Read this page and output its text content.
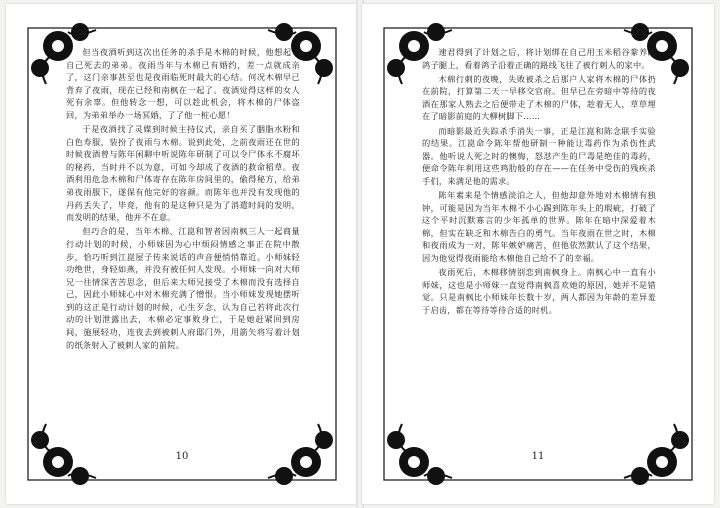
但当夜酒听到这次出任务的杀手是木棉的时候，他想起了自己死去的弟弟。夜雨当年与木棉已有婚约，差一点就成亲了，这门亲事甚至也是夜雨临死时最大的心结。何况木棉早已背弃了夜雨，现在已经和南枫在一起了。夜酒觉得这样的女人死有余辜。但他转念一想，可以趁此机会，将木棉的尸体盗回，为弟弟举办一场冥婚，了了他一桩心愿！

于是夜酒找了灵媒到时候主持仪式，亲自买了胭脂水粉和白色寿服，装扮了夜雨与木棉。说到此处，之前夜雨还在世的时候夜酒曾与陈年闲聊中听说陈年研制了可以令尸体永不腐坏的秘药，当时并不以为意，可如今却成了夜酒的救命稻草。夜酒利用危急木棉和尸体寄存在陈年房间里的，偷得秘方，给弟弟夜雨服下，遂保有他完好的容颜。而陈年也并没有发现他的丹药丢失了，毕竟，他有的是这种只是为了消遣时间的发明，而发明的结果，他并不在意。

但巧合的是，当年木棉、江崑和智者因南枫三人一起商量行动计划的时候，小师妹因为心中烦闷情感之事正在院中散步，恰巧听到江崑屋子传来说话的声音便悄悄靠近。小师妹轻功绝世，身轻如燕，并没有被任何人发现。小师妹一向对大师兄一往情深苦苦思念，但后来大师兄接受了木棉而没有选择自己，因此小师妹心中对木棉充满了憎恨。当小师妹发现她摆听到的这正是行动计划的时候，心生歹念，认为自己若将此次行动的计划泄露出去，木棉必定事败身亡，于是她赶紧回到房间，施展轻功，连夜去到被刺人府邸门外，用箭矢将写着计划的纸条射入了被刺人家的前院。

10

速君得到了计划之后，将计划绑在自己用玉米稻谷豢养的鸽子腿上，看着鸽子沿着正确的路线飞往了被行刺人的家中。

木棉行刺的夜晚，失败被杀之后那户人家将木棉的尸体扔在前院，打算第二天一早移交官府。但早已在旁暗中等待的夜酒在那家人熟去之后便带走了木棉的尸体，趁着无人，草草埋在了暗影前庭的大柳树脚下……

而暗影最近失踪杀手消失一事，正是江崑和陈念联手实验的结果。江崑命令陈年帮他研制一种能让毒药作为杀伤性武器。他听说人死之时的懊悔，怒怼产生的尸毒是绝佳的毒药，便命令陈年利用这些鸡肋般的存在——在任务中受伤的残疾杀手们，来满足他的需求。

陈年素来是个情感淡泊之人，但他却意外地对木棉情有独钟，可能是因为当年木棉不小心踢到陈年头上的瑕疵，打破了这个平时沉默寡言的少年孤单的世界。陈年在暗中深爱着木棉，但实在缺乏和木棉告白的勇气。当年夜雨在世之时，木棉和夜雨成为一对，陈年嫉妒痛苦，但他依然默认了这个结果，因为他觉得夜雨能给木棉他自己给不了的幸福。

夜雨死后，木棉移情别恋到南枫身上。南枫心中一直有小师妹，这也是小师妹一直觉得南枫喜欢她的原因，她并不是错觉。只是南枫比小师妹年长数十岁，两人都因为年龄的差异羞于启齿，都在等待等待合适的时机。

11
